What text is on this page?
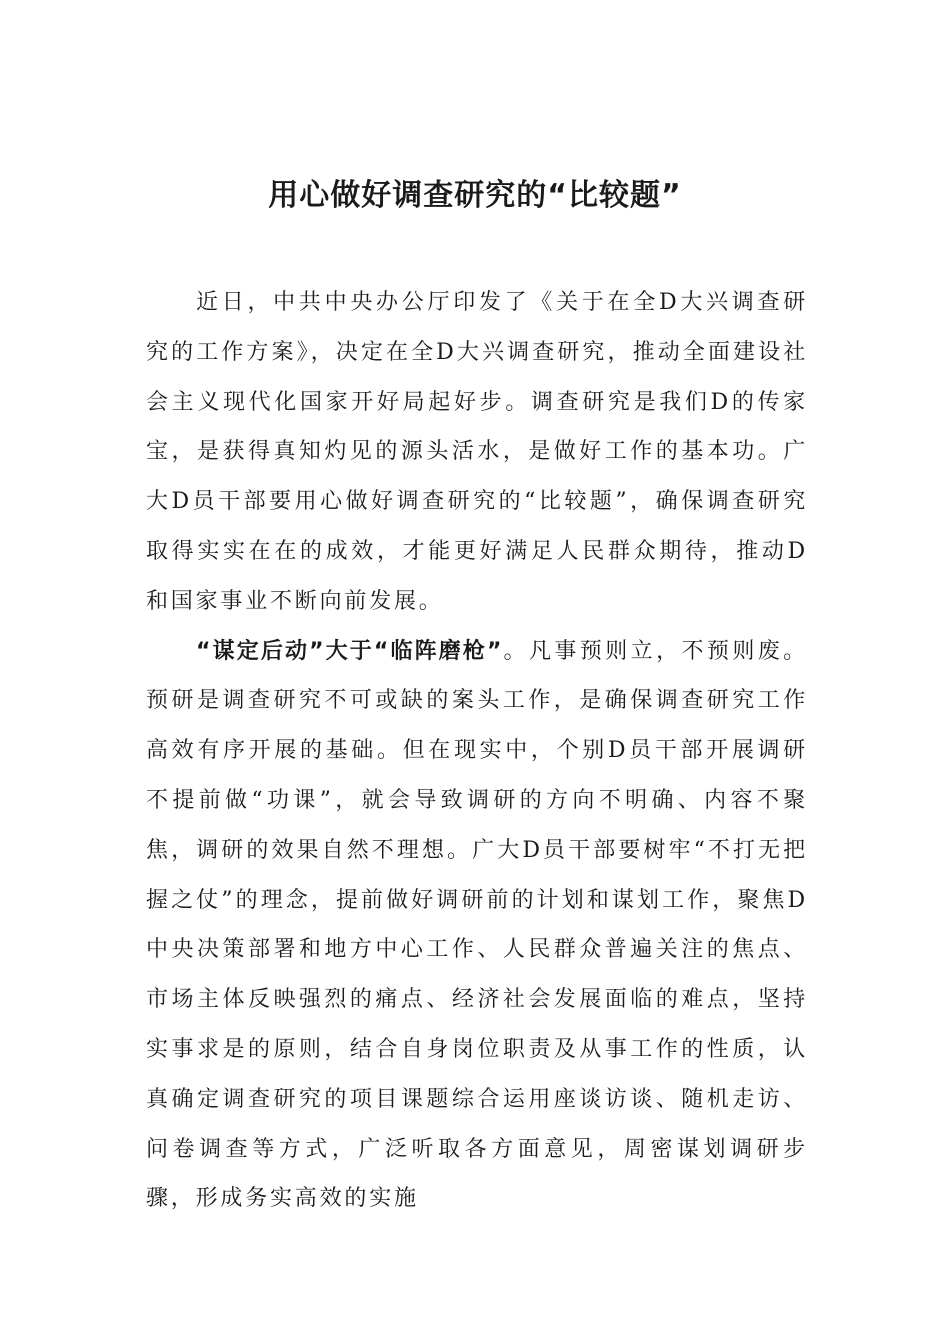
用心做好调查研究的“比较题”

近日，中共中央办公厅印发了《关于在全D大兴调查研究的工作方案》，决定在全D大兴调查研究，推动全面建设社会主义现代化国家开好局起好步。调查研究是我们D的传家宝，是获得真知灼见的源头活水，是做好工作的基本功。广大D员干部要用心做好调查研究的“比较题”，确保调查研究取得实实在在的成效，才能更好满足人民群众期待，推动D和国家事业不断向前发展。

“谋定后动”大于“临阵磨枪”。凡事预则立，不预则废。预研是调查研究不可或缺的案头工作，是确保调查研究工作高效有序开展的基础。但在现实中，个别D员干部开展调研不提前做“功课”，就会导致调研的方向不明确、内容不聚焦，调研的效果自然不理想。广大D员干部要树牢“不打无把握之仗”的理念，提前做好调研前的计划和谋划工作，聚焦D中央决策部署和地方中心工作、人民群众普遍关注的焦点、市场主体反映强烈的痛点、经济社会发展面临的难点，坚持实事求是的原则，结合自身岗位职责及从事工作的性质，认真确定调查研究的项目课题综合运用座谈访谈、随机走访、问卷调查等方式，广泛听取各方面意见，周密谋划调研步骤，形成务实高效的实施
